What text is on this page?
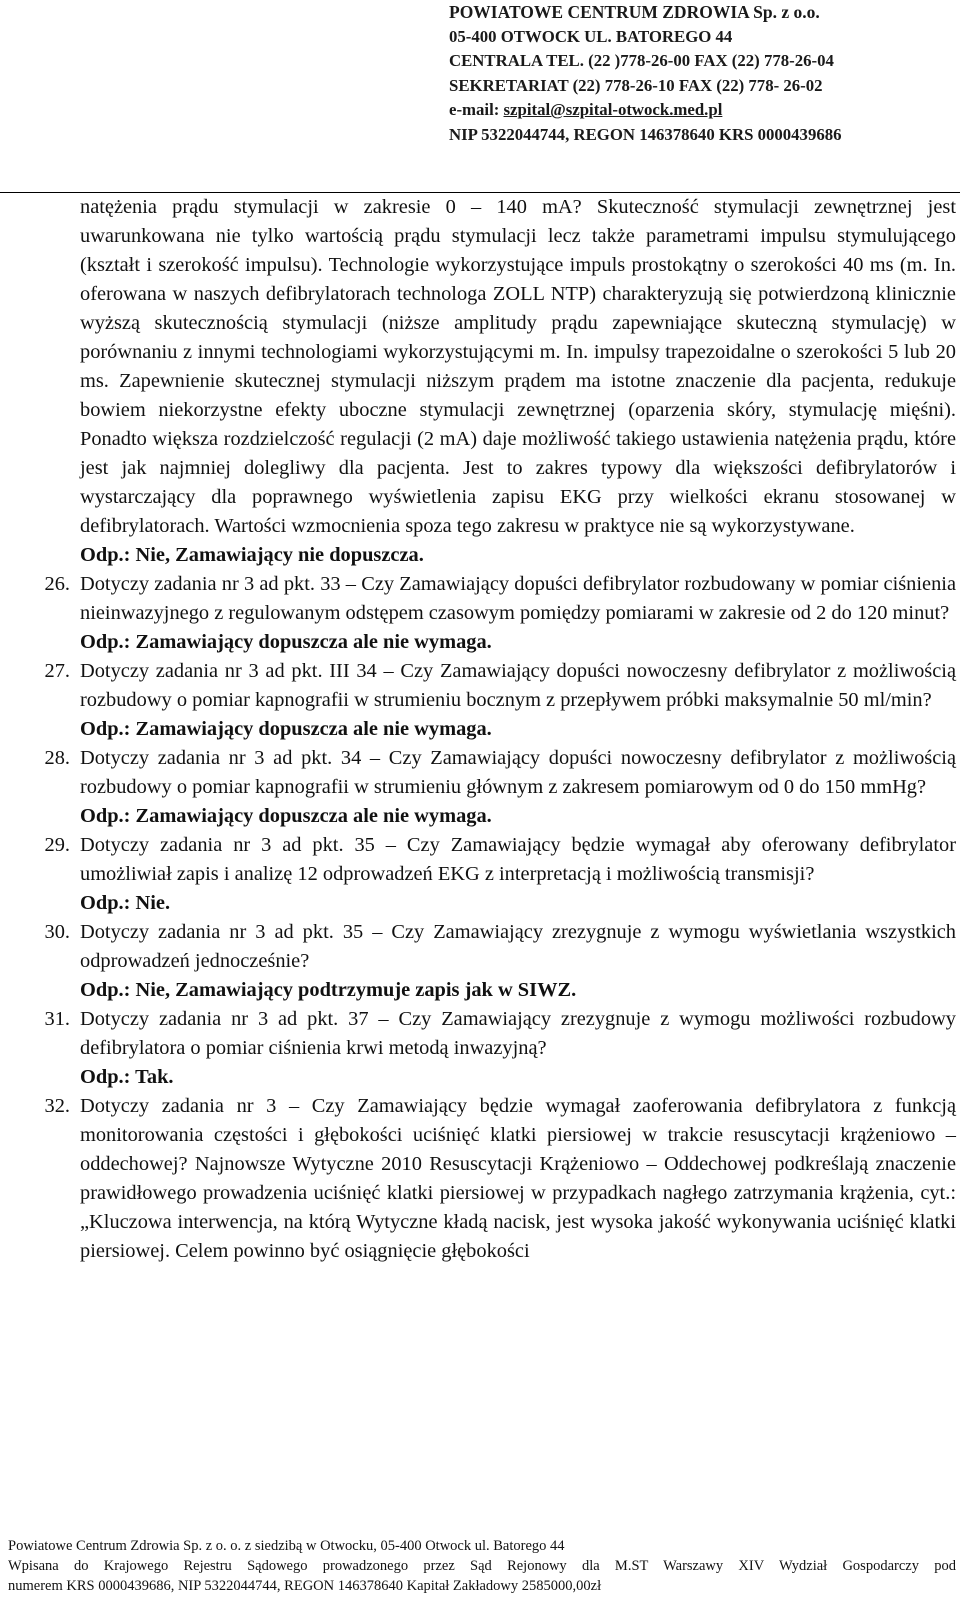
POWIATOWE CENTRUM ZDROWIA Sp. z o.o.
05-400 OTWOCK UL. BATOREGO 44
CENTRALA TEL. (22 )778-26-00 FAX (22) 778-26-04
SEKRETARIAT (22) 778-26-10 FAX (22) 778- 26-02
e-mail: szpital@szpital-otwock.med.pl
NIP 5322044744, REGON 146378640 KRS 0000439686

natężenia prądu stymulacji w zakresie 0 – 140 mA? Skuteczność stymulacji zewnętrznej jest uwarunkowana nie tylko wartością prądu stymulacji lecz także parametrami impulsu stymulującego (kształt i szerokość impulsu). Technologie wykorzystujące impuls prostokątny o szerokości 40 ms (m. In. oferowana w naszych defibrylatorach technologa ZOLL NTP) charakteryzują się potwierdzoną klinicznie wyższą skutecznością stymulacji (niższe amplitudy prądu zapewniające skuteczną stymulację) w porównaniu z innymi technologiami wykorzystującymi m. In. impulsy trapezoidalne o szerokości 5 lub 20 ms. Zapewnienie skutecznej stymulacji niższym prądem ma istotne znaczenie dla pacjenta, redukuje bowiem niekorzystne efekty uboczne stymulacji zewnętrznej (oparzenia skóry, stymulację mięśni). Ponadto większa rozdzielczość regulacji (2 mA) daje możliwość takiego ustawienia natężenia prądu, które jest jak najmniej dolegliwy dla pacjenta. Jest to zakres typowy dla większości defibrylatorów i wystarczający dla poprawnego wyświetlenia zapisu EKG przy wielkości ekranu stosowanej w defibrylatorach. Wartości wzmocnienia spoza tego zakresu w praktyce nie są wykorzystywane.

Odp.: Nie, Zamawiający nie dopuszcza.

26. Dotyczy zadania nr 3 ad pkt. 33 – Czy Zamawiający dopuści defibrylator rozbudowany w pomiar ciśnienia nieinwazyjnego z regulowanym odstępem czasowym pomiędzy pomiarami w zakresie od 2 do 120 minut?

Odp.: Zamawiający dopuszcza ale nie wymaga.

27. Dotyczy zadania nr 3 ad pkt. III 34 – Czy Zamawiający dopuści nowoczesny defibrylator z możliwością rozbudowy o pomiar kapnografii w strumieniu bocznym z przepływem próbki maksymalnie 50 ml/min?

Odp.: Zamawiający dopuszcza ale nie wymaga.

28. Dotyczy zadania nr 3 ad pkt. 34 – Czy Zamawiający dopuści nowoczesny defibrylator z możliwością rozbudowy o pomiar kapnografii w strumieniu głównym z zakresem pomiarowym od 0 do 150 mmHg?

Odp.: Zamawiający dopuszcza ale nie wymaga.

29. Dotyczy zadania nr 3 ad pkt. 35 – Czy Zamawiający będzie wymagał aby oferowany defibrylator umożliwiał zapis i analizę 12 odprowadzeń EKG z interpretacją i możliwością transmisji?

Odp.: Nie.

30. Dotyczy zadania nr 3 ad pkt. 35 – Czy Zamawiający zrezygnuje z wymogu wyświetlania wszystkich odprowadzeń jednocześnie?

Odp.: Nie, Zamawiający podtrzymuje zapis jak w SIWZ.

31. Dotyczy zadania nr 3 ad pkt. 37 – Czy Zamawiający zrezygnuje z wymogu możliwości rozbudowy defibrylatora o pomiar ciśnienia krwi metodą inwazyjną?

Odp.: Tak.

32. Dotyczy zadania nr 3 – Czy Zamawiający będzie wymagał zaoferowania defibrylatora z funkcją monitorowania częstości i głębokości uciśnięć klatki piersiowej w trakcie resuscytacji krążeniowo – oddechowej? Najnowsze Wytyczne 2010 Resuscytacji Krążeniowo – Oddechowej podkreślają znaczenie prawidłowego prowadzenia uciśnięć klatki piersiowej w przypadkach nagłego zatrzymania krążenia, cyt.: „Kluczowa interwencja, na którą Wytyczne kładą nacisk, jest wysoka jakość wykonywania uciśnięć klatki piersiowej. Celem powinno być osiągnięcie głębokości

Powiatowe Centrum Zdrowia Sp. z o. o. z siedzibą w Otwocku, 05-400 Otwock ul. Batorego 44
Wpisana do Krajowego Rejestru Sądowego prowadzonego przez Sąd Rejonowy dla M.ST Warszawy XIV Wydział Gospodarczy pod
numerem KRS 0000439686, NIP 5322044744, REGON 146378640 Kapitał Zakładowy 2585000,00zł
